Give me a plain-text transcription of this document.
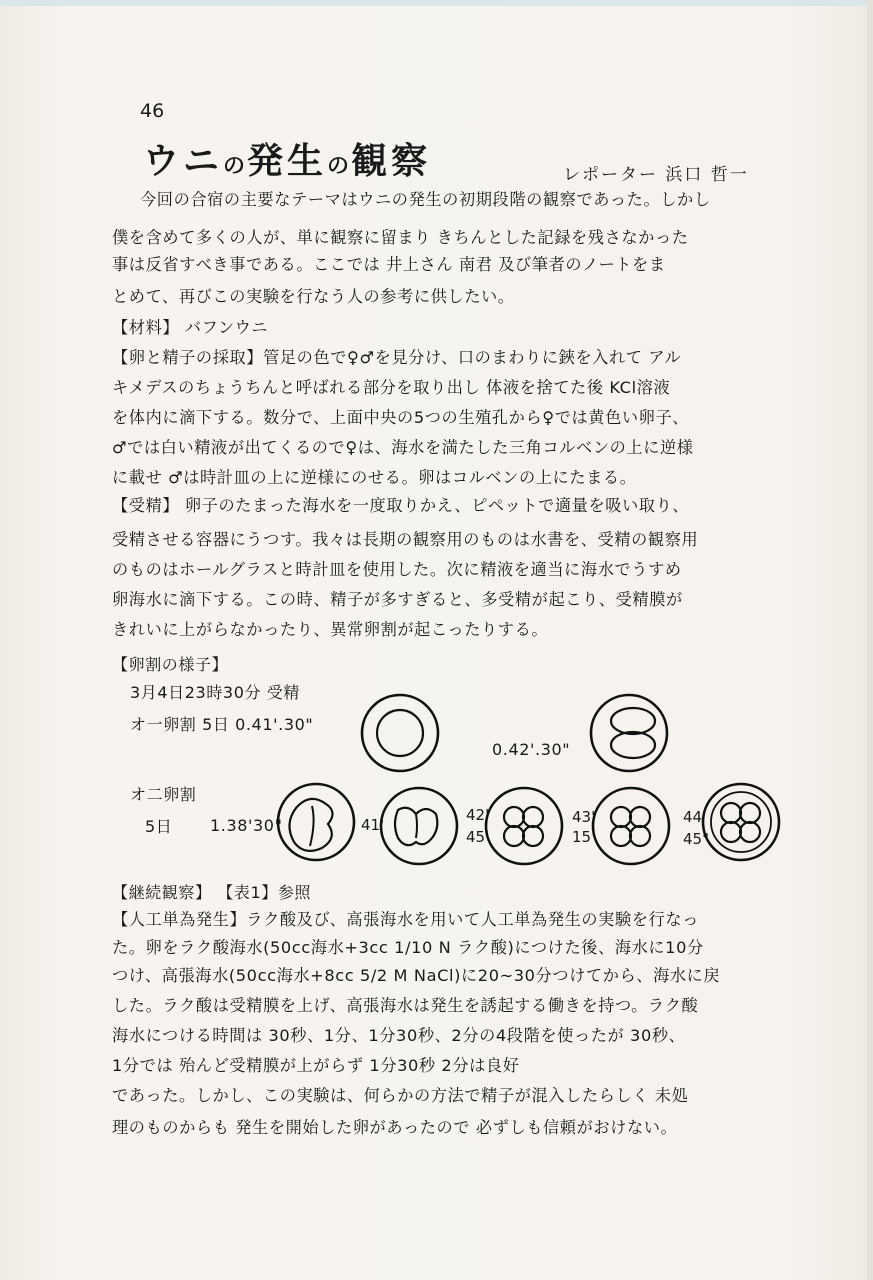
46
ウニの発生の観察	レポーター 浜口 哲一
今回の合宿の主要なテーマはウニの発生の初期段階の観察であった。しかし
僕を含めて多くの人が、単に観察に留まり きちんとした記録を残さなかった
事は反省すべき事である。ここでは 井上さん 南君 及び筆者のノートをま
とめて、再びこの実験を行なう人の参考に供したい。
【材料】 バフンウニ
【卵と精子の採取】管足の色で♀♂を見分け、口のまわりに鋏を入れて アル
キメデスのちょうちんと呼ばれる部分を取り出し 体液を捨てた後 KCl溶液
を体内に滴下する。数分で、上面中央の5つの生殖孔から♀では黄色い卵子、
♂では白い精液が出てくるので♀は、海水を満たした三角コルベンの上に逆様
に載せ ♂は時計皿の上に逆様にのせる。卵はコルベンの上にたまる。
【受精】 卵子のたまった海水を一度取りかえ、ピペットで適量を吸い取り、
受精させる容器にうつす。我々は長期の観察用のものは水書を、受精の観察用
のものはホールグラスと時計皿を使用した。次に精液を適当に海水でうすめ
卵海水に滴下する。この時、精子が多すぎると、多受精が起こり、受精膜が
きれいに上がらなかったり、異常卵割が起こったりする。
【卵割の様子】
3月4日23時30分 受精
オ一卵割 5日 0.41'.30"
0.42'.30"
オ二卵割
5日 1.38'30"	41'
42'
45'
43'
15'
44'
45"
【継続観察】 【表1】参照
【人工単為発生】ラク酸及び、高張海水を用いて人工単為発生の実験を行なっ
た。卵をラク酸海水(50cc海水+3cc 1/10 N ラク酸)につけた後、海水に10分
つけ、高張海水(50cc海水+8cc 5/2 M NaCl)に20~30分つけてから、海水に戻
した。ラク酸は受精膜を上げ、高張海水は発生を誘起する働きを持つ。ラク酸
海水につける時間は 30秒、1分、1分30秒、2分の4段階を使ったが 30秒、
1分では 殆んど受精膜が上がらず 1分30秒 2分は良好
であった。しかし、この実験は、何らかの方法で精子が混入したらしく 未処
理のものからも 発生を開始した卵があったので 必ずしも信頼がおけない。
